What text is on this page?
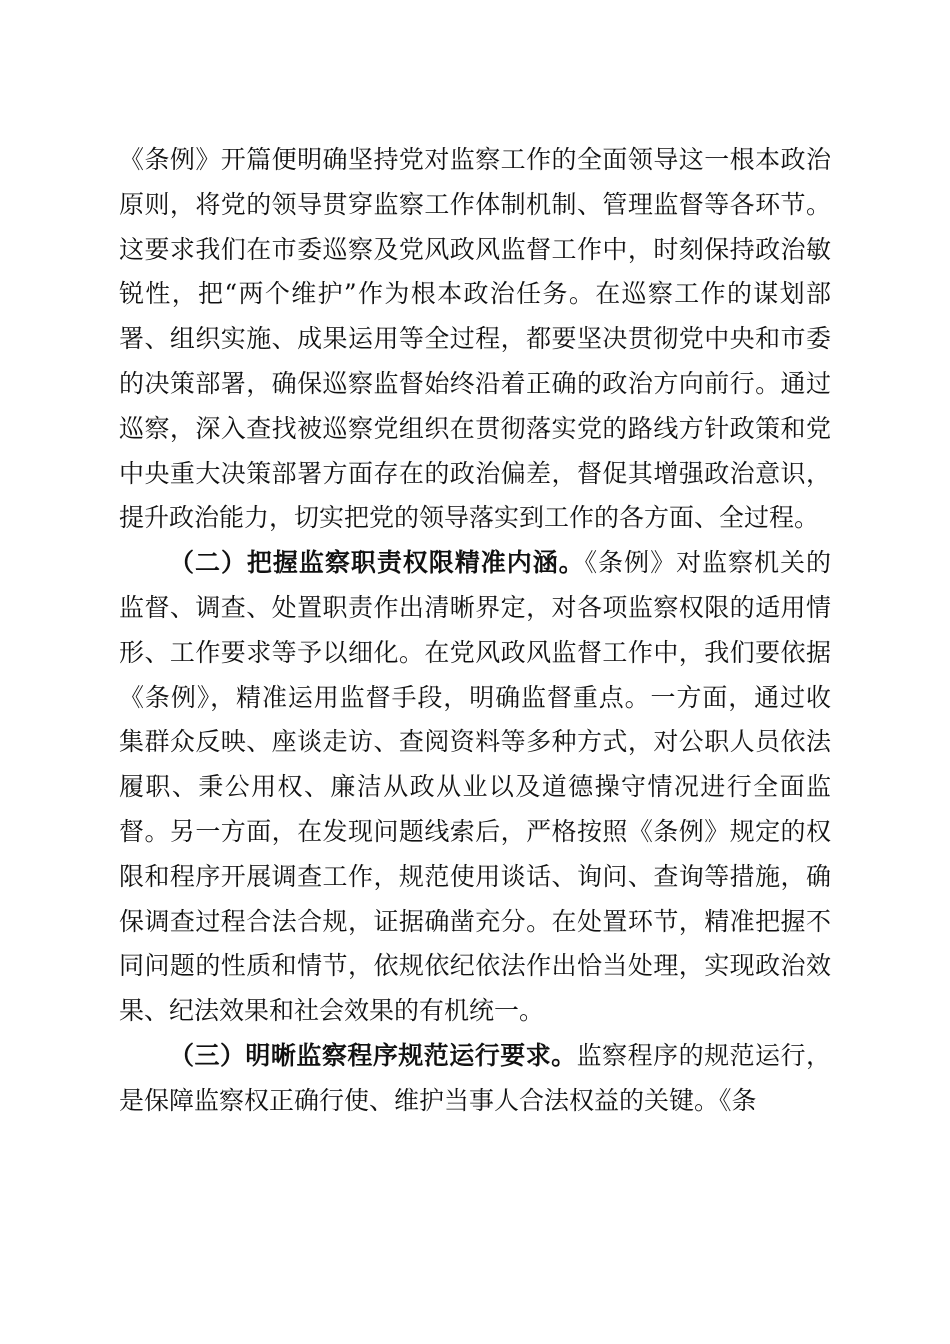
《条例》开篇便明确坚持党对监察工作的全面领导这一根本政治原则，将党的领导贯穿监察工作体制机制、管理监督等各环节。这要求我们在市委巡察及党风政风监督工作中，时刻保持政治敏锐性，把“两个维护”作为根本政治任务。在巡察工作的谋划部署、组织实施、成果运用等全过程，都要坚决贯彻党中央和市委的决策部署，确保巡察监督始终沿着正确的政治方向前行。通过巡察，深入查找被巡察党组织在贯彻落实党的路线方针政策和党中央重大决策部署方面存在的政治偏差，督促其增强政治意识，提升政治能力，切实把党的领导落实到工作的各方面、全过程。

（二）把握监察职责权限精准内涵。《条例》对监察机关的监督、调查、处置职责作出清晰界定，对各项监察权限的适用情形、工作要求等予以细化。在党风政风监督工作中，我们要依据《条例》，精准运用监督手段，明确监督重点。一方面，通过收集群众反映、座谈走访、查阅资料等多种方式，对公职人员依法履职、秉公用权、廉洁从政从业以及道德操守情况进行全面监督。另一方面，在发现问题线索后，严格按照《条例》规定的权限和程序开展调查工作，规范使用谈话、询问、查询等措施，确保调查过程合法合规，证据确凿充分。在处置环节，精准把握不同问题的性质和情节，依规依纪依法作出恰当处理，实现政治效果、纪法效果和社会效果的有机统一。

（三）明晰监察程序规范运行要求。监察程序的规范运行，是保障监察权正确行使、维护当事人合法权益的关键。《条
